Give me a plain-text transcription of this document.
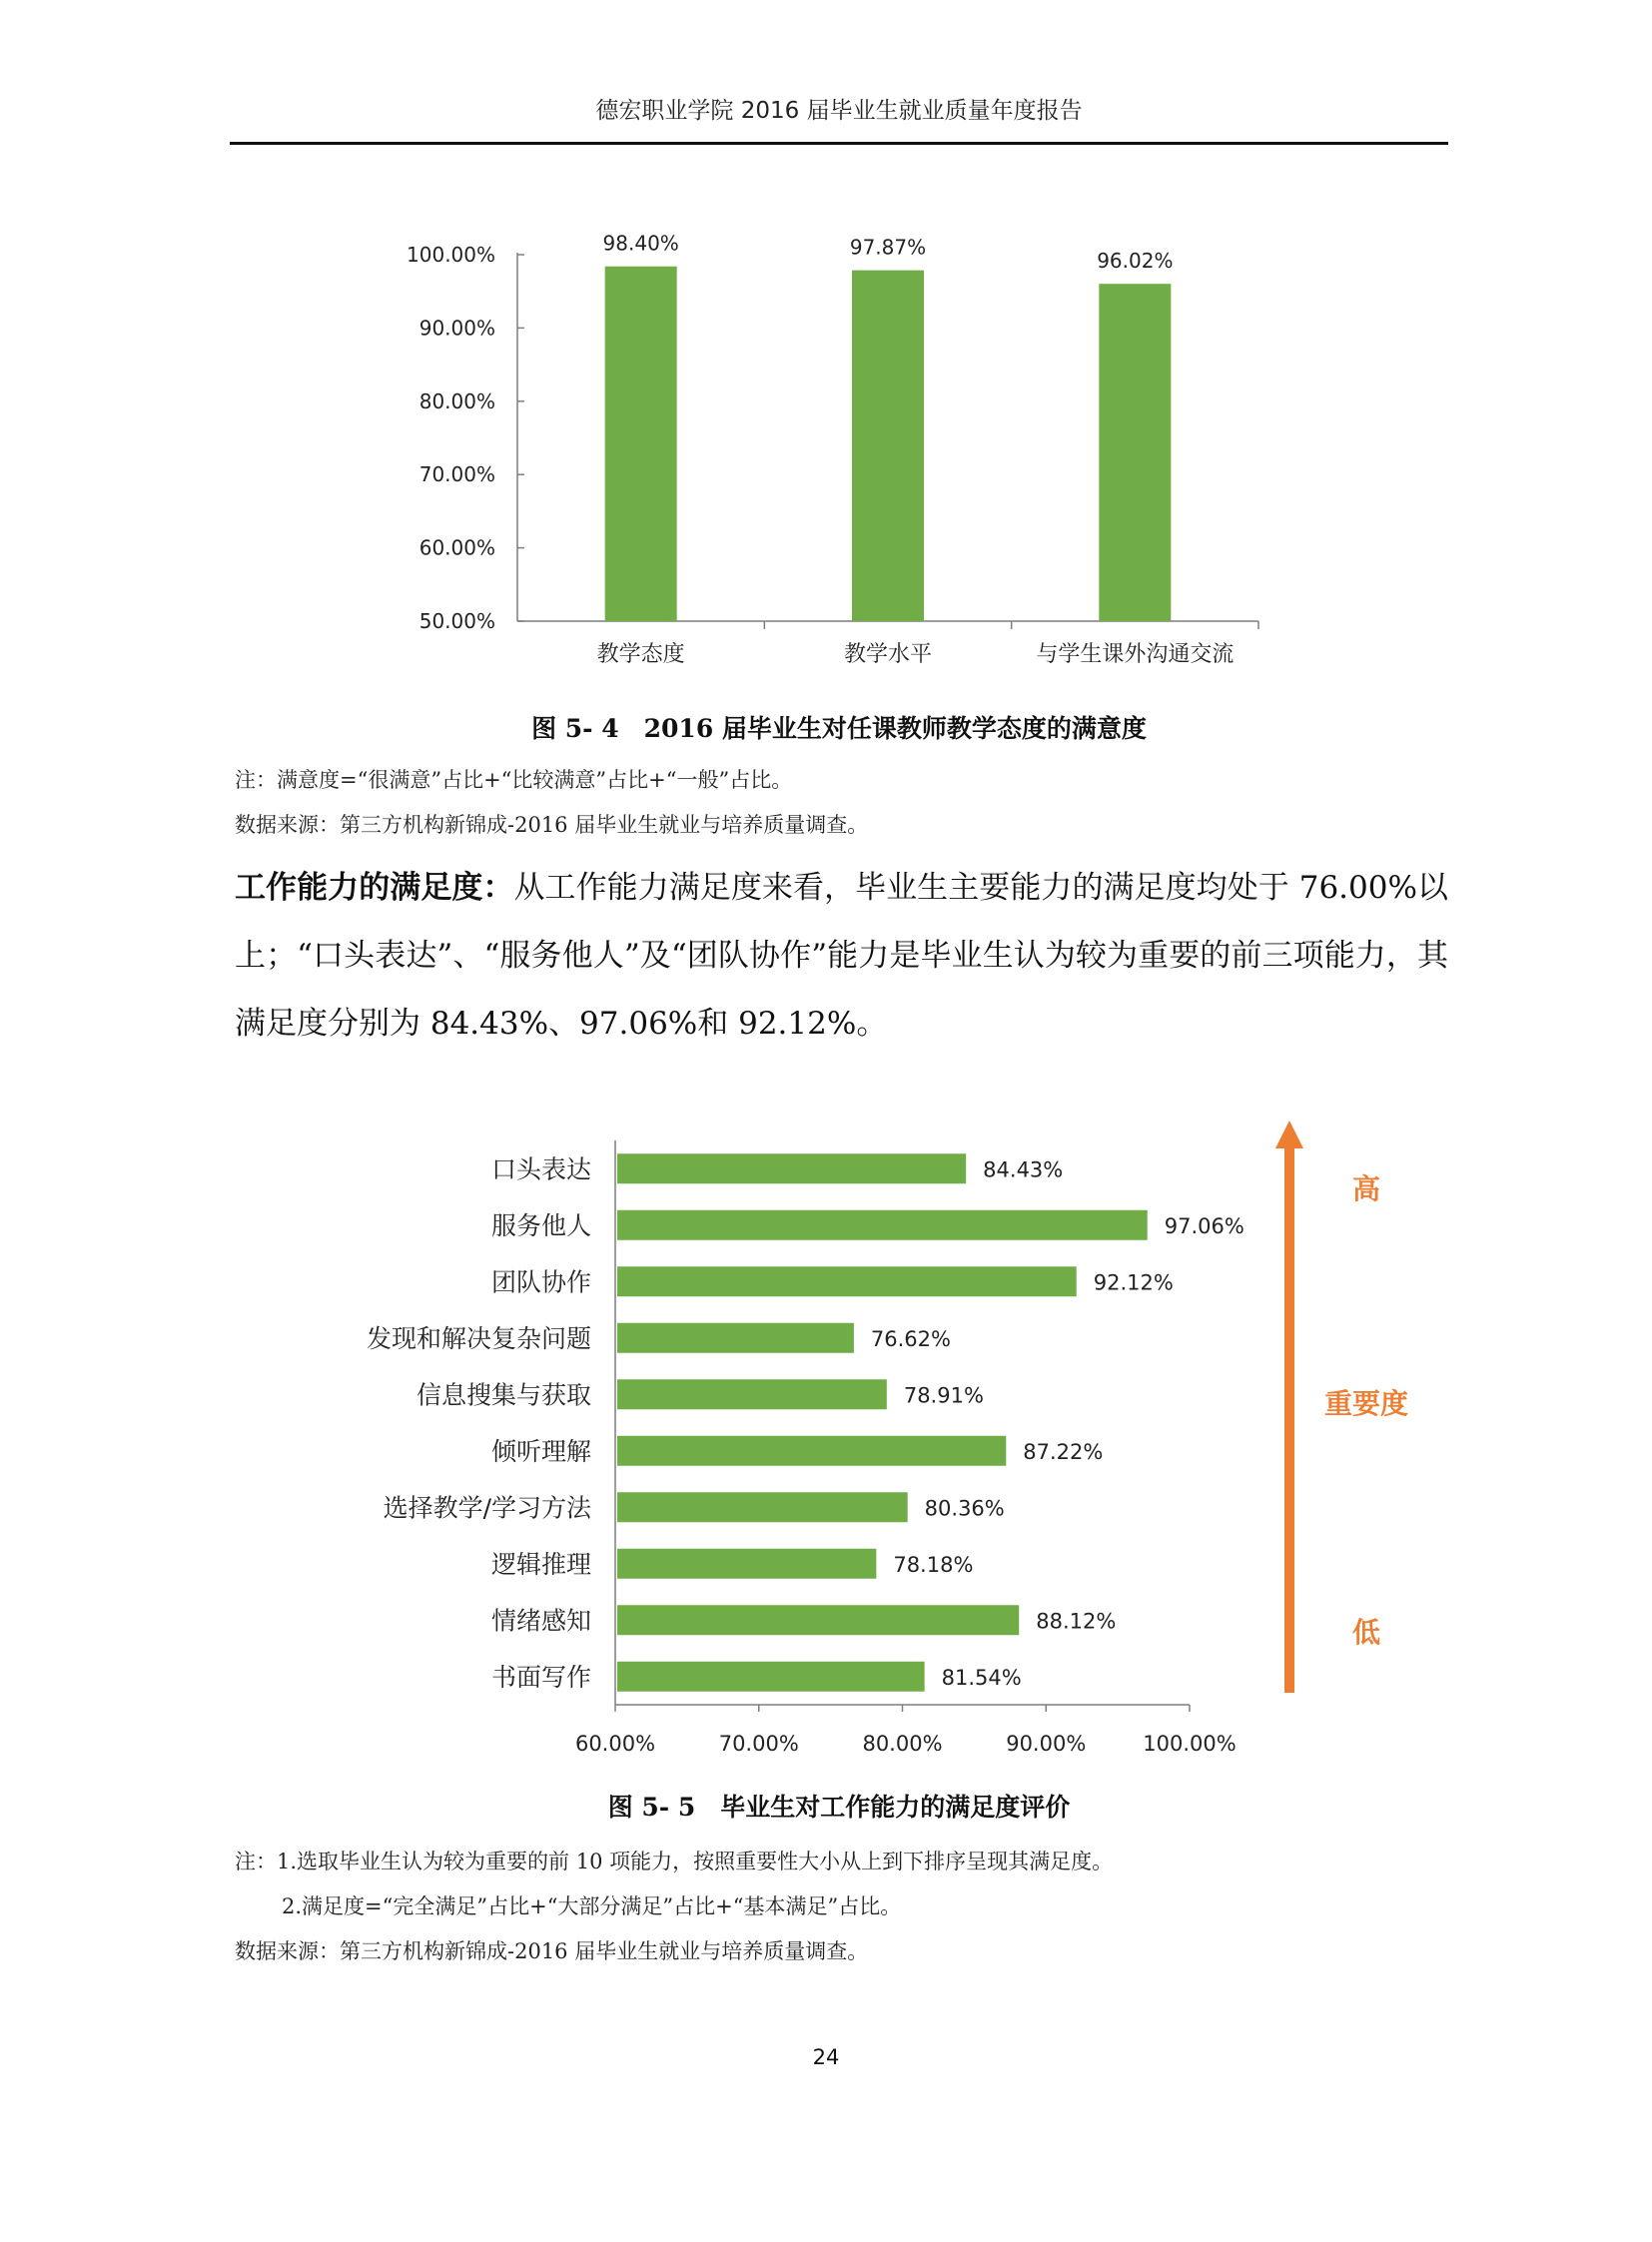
德宏职业学院 2016 届毕业生就业质量年度报告
50.00%
60.00%
70.00%
80.00%
90.00%
100.00%	98.40%
教学态度
97.87%
教学水平
96.02%
与学生课外沟通交流
图 5- 4　2016 届毕业生对任课教师教学态度的满意度
注：满意度=“很满意”占比+“比较满意”占比+“一般”占比。
数据来源：第三方机构新锦成-2016 届毕业生就业与培养质量调查。
工作能力的满足度：从工作能力满足度来看，毕业生主要能力的满足度均处于 76.00%以上；“口头表达”、“服务他人”及“团队协作”能力是毕业生认为较为重要的前三项能力，其满足度分别为 84.43%、97.06%和 92.12%。
60.00%	70.00%	80.00%	90.00%	100.00%
84.43%
口头表达
97.06%
服务他人
92.12%
团队协作
76.62%
发现和解决复杂问题
78.91%
信息搜集与获取
87.22%
倾听理解
80.36%
选择教学/学习方法
78.18%
逻辑推理
88.12%
情绪感知
81.54%
书面写作
高
重要度
低
图 5- 5　毕业生对工作能力的满足度评价
注：1.选取毕业生认为较为重要的前 10 项能力，按照重要性大小从上到下排序呈现其满足度。
2.满足度=“完全满足”占比+“大部分满足”占比+“基本满足”占比。
数据来源：第三方机构新锦成-2016 届毕业生就业与培养质量调查。
24
